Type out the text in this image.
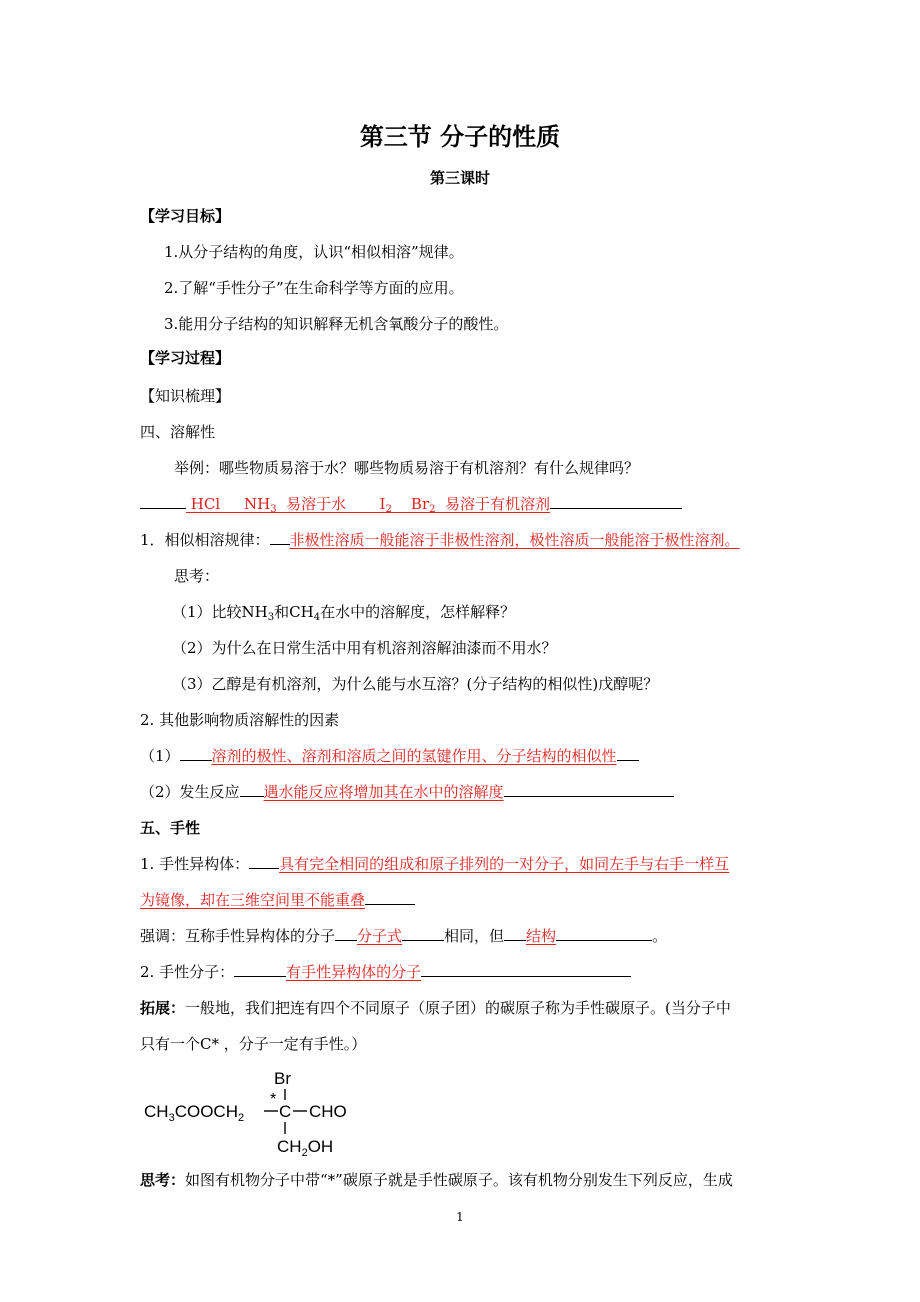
第三节 分子的性质
第三课时
【学习目标】
1.从分子结构的角度，认识“相似相溶”规律。
2.了解“手性分子”在生命科学等方面的应用。
3.能用分子结构的知识解释无机含氧酸分子的酸性。
【学习过程】
【知识梳理】
四、溶解性
举例：哪些物质易溶于水？哪些物质易溶于有机溶剂？有什么规律吗？
HCl $NH_3$ 易溶于水 $I_2$ $Br_2$ 易溶于有机溶剂
1．相似相溶规律： 非极性溶质一般能溶于非极性溶剂，极性溶质一般能溶于极性溶剂。
思考：
（1）比较$NH_3$和$CH_4$在水中的溶解度，怎样解释？
（2）为什么在日常生活中用有机溶剂溶解油漆而不用水？
（3）乙醇是有机溶剂，为什么能与水互溶？(分子结构的相似性)戊醇呢？
2. 其他影响物质溶解性的因素
（1） 溶剂的极性、溶剂和溶质之间的氢键作用、分子结构的相似性
（2）发生反应 遇水能反应将增加其在水中的溶解度
五、手性
1. 手性异构体： 具有完全相同的组成和原子排列的一对分子，如同左手与右手一样互
为镜像，却在三维空间里不能重叠
强调：互称手性异构体的分子 分子式	相同，但 结构	。
2. 手性分子：	有手性异构体的分子
拓展：一般地，我们把连有四个不同原子（原子团）的碳原子称为手性碳原子。(当分子中
只有一个C* ，分子一定有手性。）
Br
$CH_3COOCH_2$
*
C CHO
$CH_2OH$
思考：如图有机物分子中带“*”碳原子就是手性碳原子。该有机物分别发生下列反应，生成
1
